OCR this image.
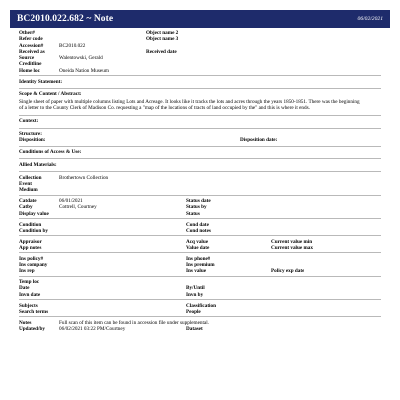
BC2010.022.682 ~ Note	06/02/2021
Other#	Object name 2
Refer code	Object name 3
Accession#	BC2010.022
Received as	Received date
Source	Walentowski, Gerald
Creditline
Home loc	Oneida Nation Museum
Identity Statement:
Scope & Content / Abstract:
Single sheet of paper with multiple columns listing Lots and Acreage. It looks like it tracks the lots and acres through the years 1850-1851. There was the beginning of a letter to the County Clerk of Madison Co. requesting a "map of the locations of tracts of land occupied by the" and this is where it ends.
Context:
Structure:
Disposition:	Disposition date:
Conditions of Access & Use:
Allied Materials:
Collection	Brothertown Collection
Event
Medium
Catdate	06/01/2021	Status date
Catby	Cottrell, Courtney	Status by
Display value	Status
Condition	Cond date
Condition by	Cond notes
Appraisor	Acq value	Current value min
App notes	Value date	Current value max
Ins policy#	Ins phone#
Ins company	Ins premium
Ins rep	Ins value	Policy exp date
Temp loc
Date	By/Until
Invn date	Invn by
Subjects	Classification
Search terms	People
Notes	Full scan of this item can be found in accession file under supplemental.
Updated/by	06/02/2021 03:22 PM/Courtney	Dataset
